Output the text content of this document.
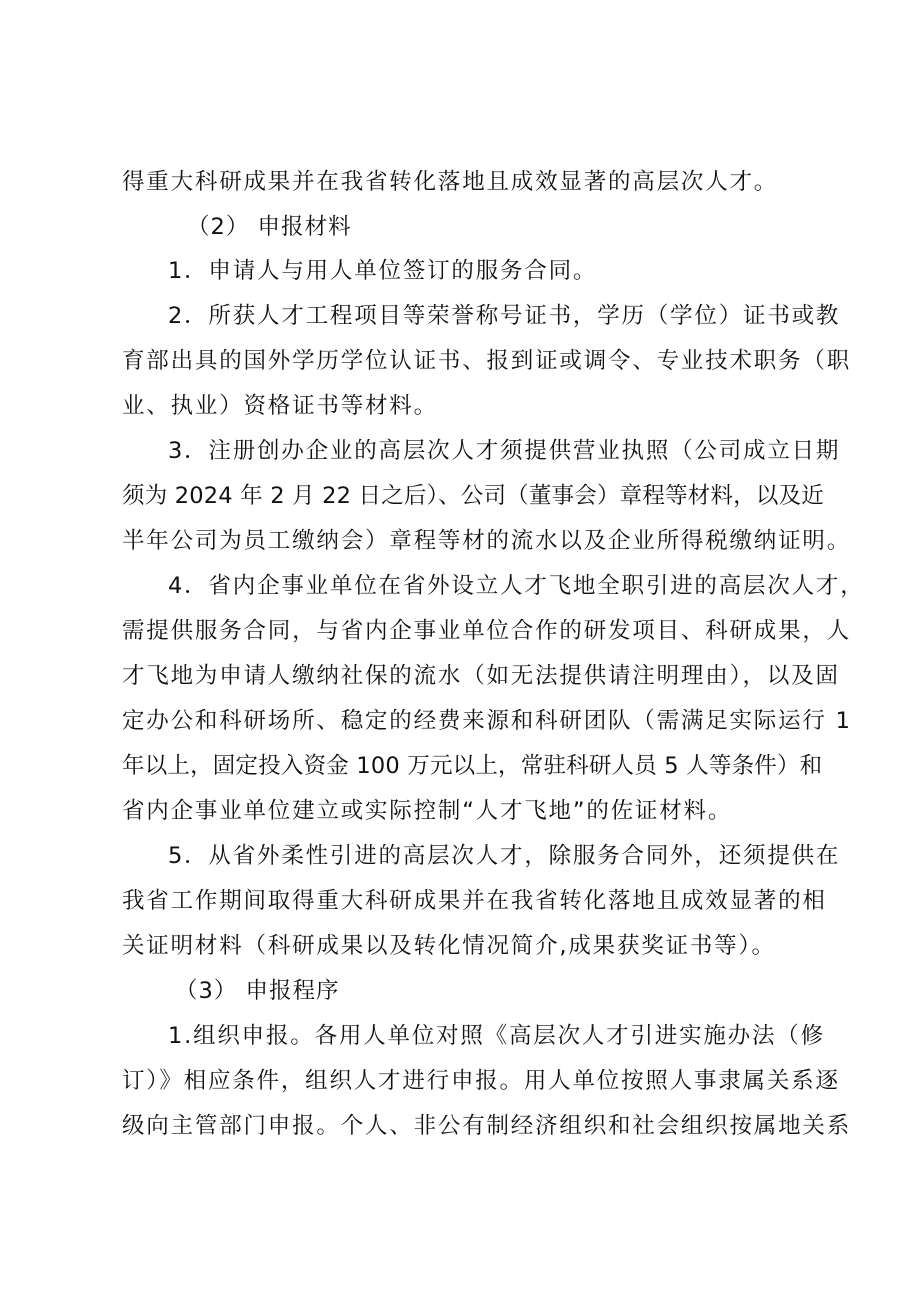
得重大科研成果并在我省转化落地且成效显著的高层次人才。
（2） 申报材料
1．申请人与用人单位签订的服务合同。
2．所获人才工程项目等荣誉称号证书，学历（学位）证书或教
育部出具的国外学历学位认证书、报到证或调令、专业技术职务（职
业、执业）资格证书等材料。
3．注册创办企业的高层次人才须提供营业执照（公司成立日期
须为 2024 年 2 月 22 日之后）、公司（董事会）章程等材料，以及近
半年公司为员工缴纳会）章程等材的流水以及企业所得税缴纳证明。
4．省内企事业单位在省外设立人才飞地全职引进的高层次人才，
需提供服务合同，与省内企事业单位合作的研发项目、科研成果，人
才飞地为申请人缴纳社保的流水（如无法提供请注明理由），以及固
定办公和科研场所、稳定的经费来源和科研团队（需满足实际运行 1
年以上，固定投入资金 100 万元以上，常驻科研人员 5 人等条件）和
省内企事业单位建立或实际控制“人才飞地”的佐证材料。
5．从省外柔性引进的高层次人才，除服务合同外，还须提供在
我省工作期间取得重大科研成果并在我省转化落地且成效显著的相
关证明材料（科研成果以及转化情况简介,成果获奖证书等）。
（3） 申报程序
1.组织申报。各用人单位对照《高层次人才引进实施办法（修
订）》相应条件，组织人才进行申报。用人单位按照人事隶属关系逐
级向主管部门申报。个人、非公有制经济组织和社会组织按属地关系
